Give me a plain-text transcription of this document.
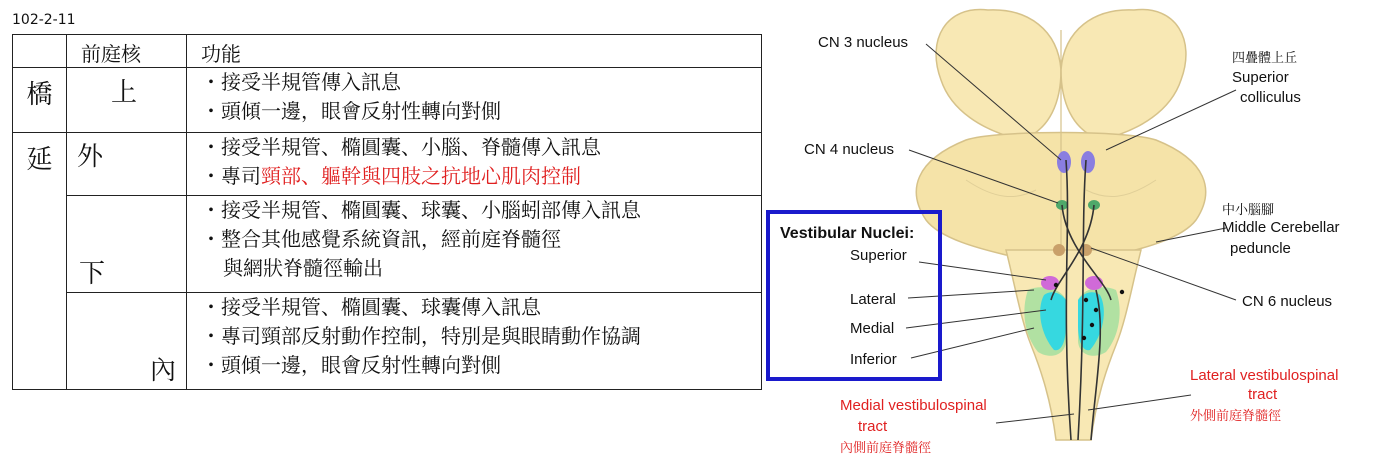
102-2-11
	前庭核	功能

橋	上	・接受半規管傳入訊息
・頭傾一邊，眼會反射性轉向對側

延	外	・接受半規管、橢圓囊、小腦、脊髓傳入訊息
・專司頸部、軀幹與四肢之抗地心肌肉控制

	下	・接受半規管、橢圓囊、球囊、小腦蚓部傳入訊息
・整合其他感覺系統資訊，經前庭脊髓徑
與網狀脊髓徑輸出

	內	・接受半規管、橢圓囊、球囊傳入訊息
・專司頸部反射動作控制，特別是與眼睛動作協調
・頭傾一邊，眼會反射性轉向對側
CN 3 nucleus
CN 4 nucleus
四疊體上丘
Superior
colliculus
中小腦腳
Middle Cerebellar
peduncle
CN 6 nucleus
Vestibular Nuclei:
Superior
Lateral
Medial
Inferior
Lateral vestibulospinal
tract
外側前庭脊髓徑
Medial vestibulospinal
tract
內側前庭脊髓徑
